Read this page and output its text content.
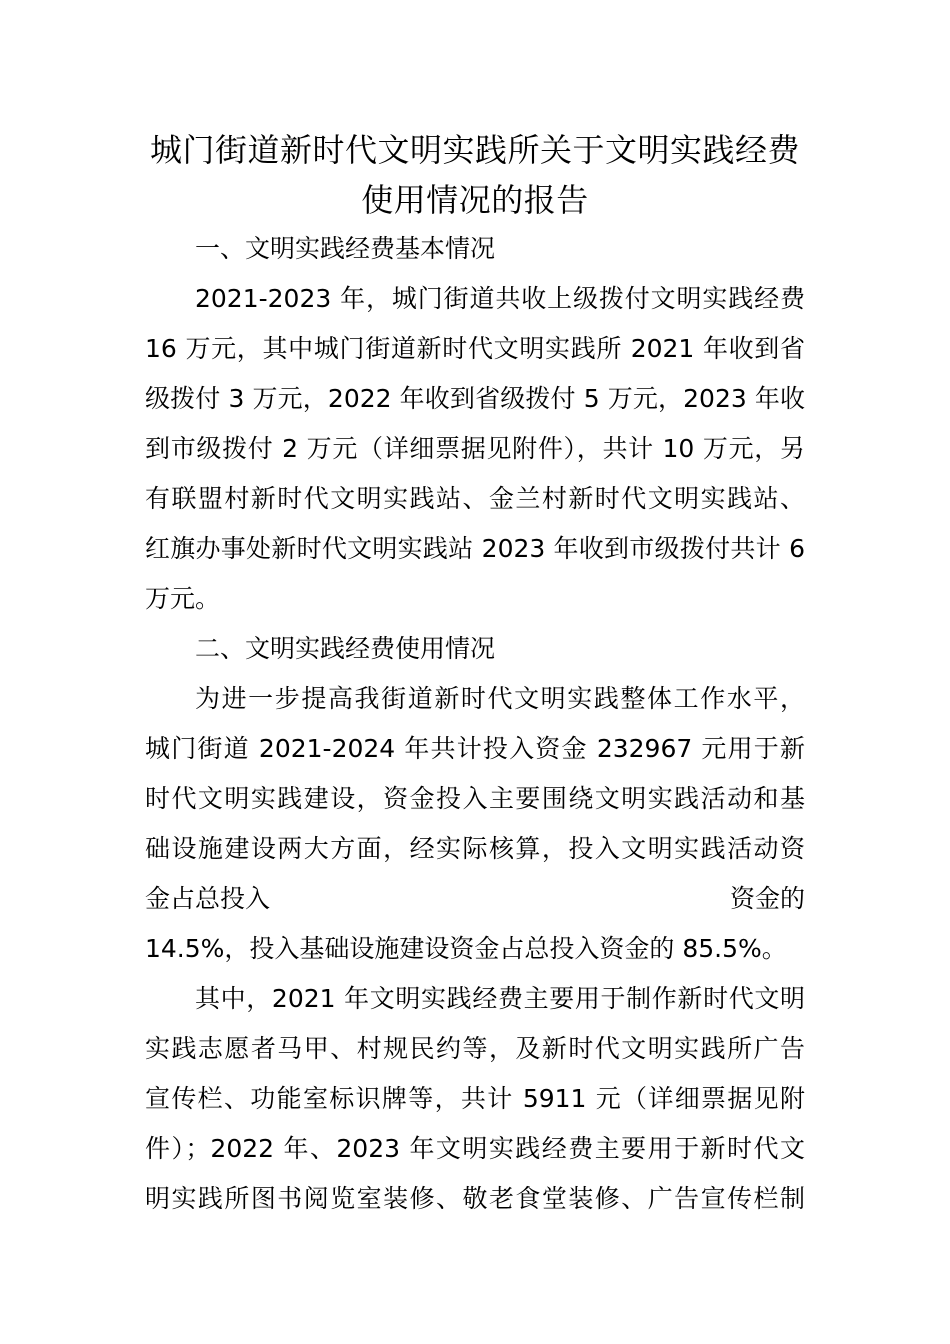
城门街道新时代文明实践所关于文明实践经费
使用情况的报告
一、文明实践经费基本情况
2021-2023 年，城门街道共收上级拨付文明实践经费
16 万元，其中城门街道新时代文明实践所 2021 年收到省
级拨付 3 万元，2022 年收到省级拨付 5 万元，2023 年收
到市级拨付 2 万元（详细票据见附件），共计 10 万元，另
有联盟村新时代文明实践站、金兰村新时代文明实践站、
红旗办事处新时代文明实践站 2023 年收到市级拨付共计 6
万元。
二、文明实践经费使用情况
为进一步提高我街道新时代文明实践整体工作水平，
城门街道 2021-2024 年共计投入资金 232967 元用于新
时代文明实践建设，资金投入主要围绕文明实践活动和基
础设施建设两大方面，经实际核算，投入文明实践活动资
金占总投入	资金的
14.5%，投入基础设施建设资金占总投入资金的 85.5%。
其中，2021 年文明实践经费主要用于制作新时代文明
实践志愿者马甲、村规民约等，及新时代文明实践所广告
宣传栏、功能室标识牌等，共计 5911 元（详细票据见附
件）；2022 年、2023 年文明实践经费主要用于新时代文
明实践所图书阅览室装修、敬老食堂装修、广告宣传栏制
